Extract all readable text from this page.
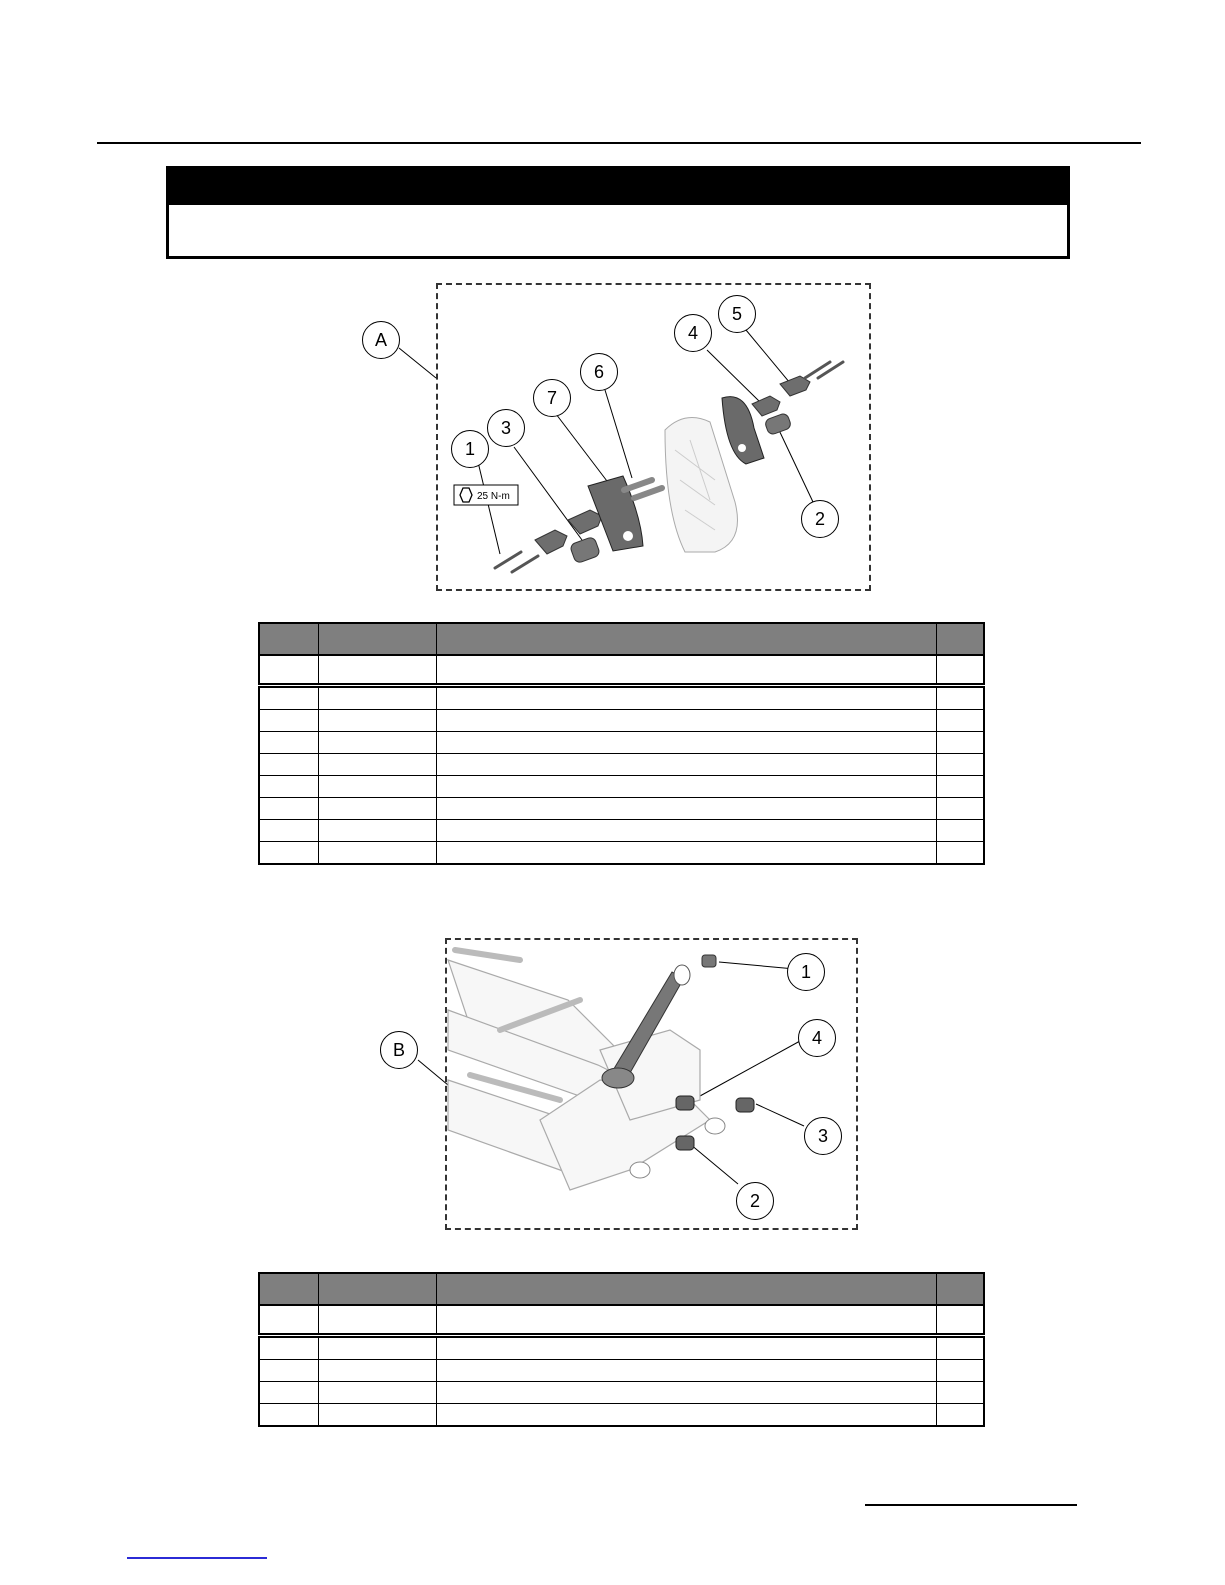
25 N-m
A
1
2
3
4
5
6
7

B
1
2
3
4
